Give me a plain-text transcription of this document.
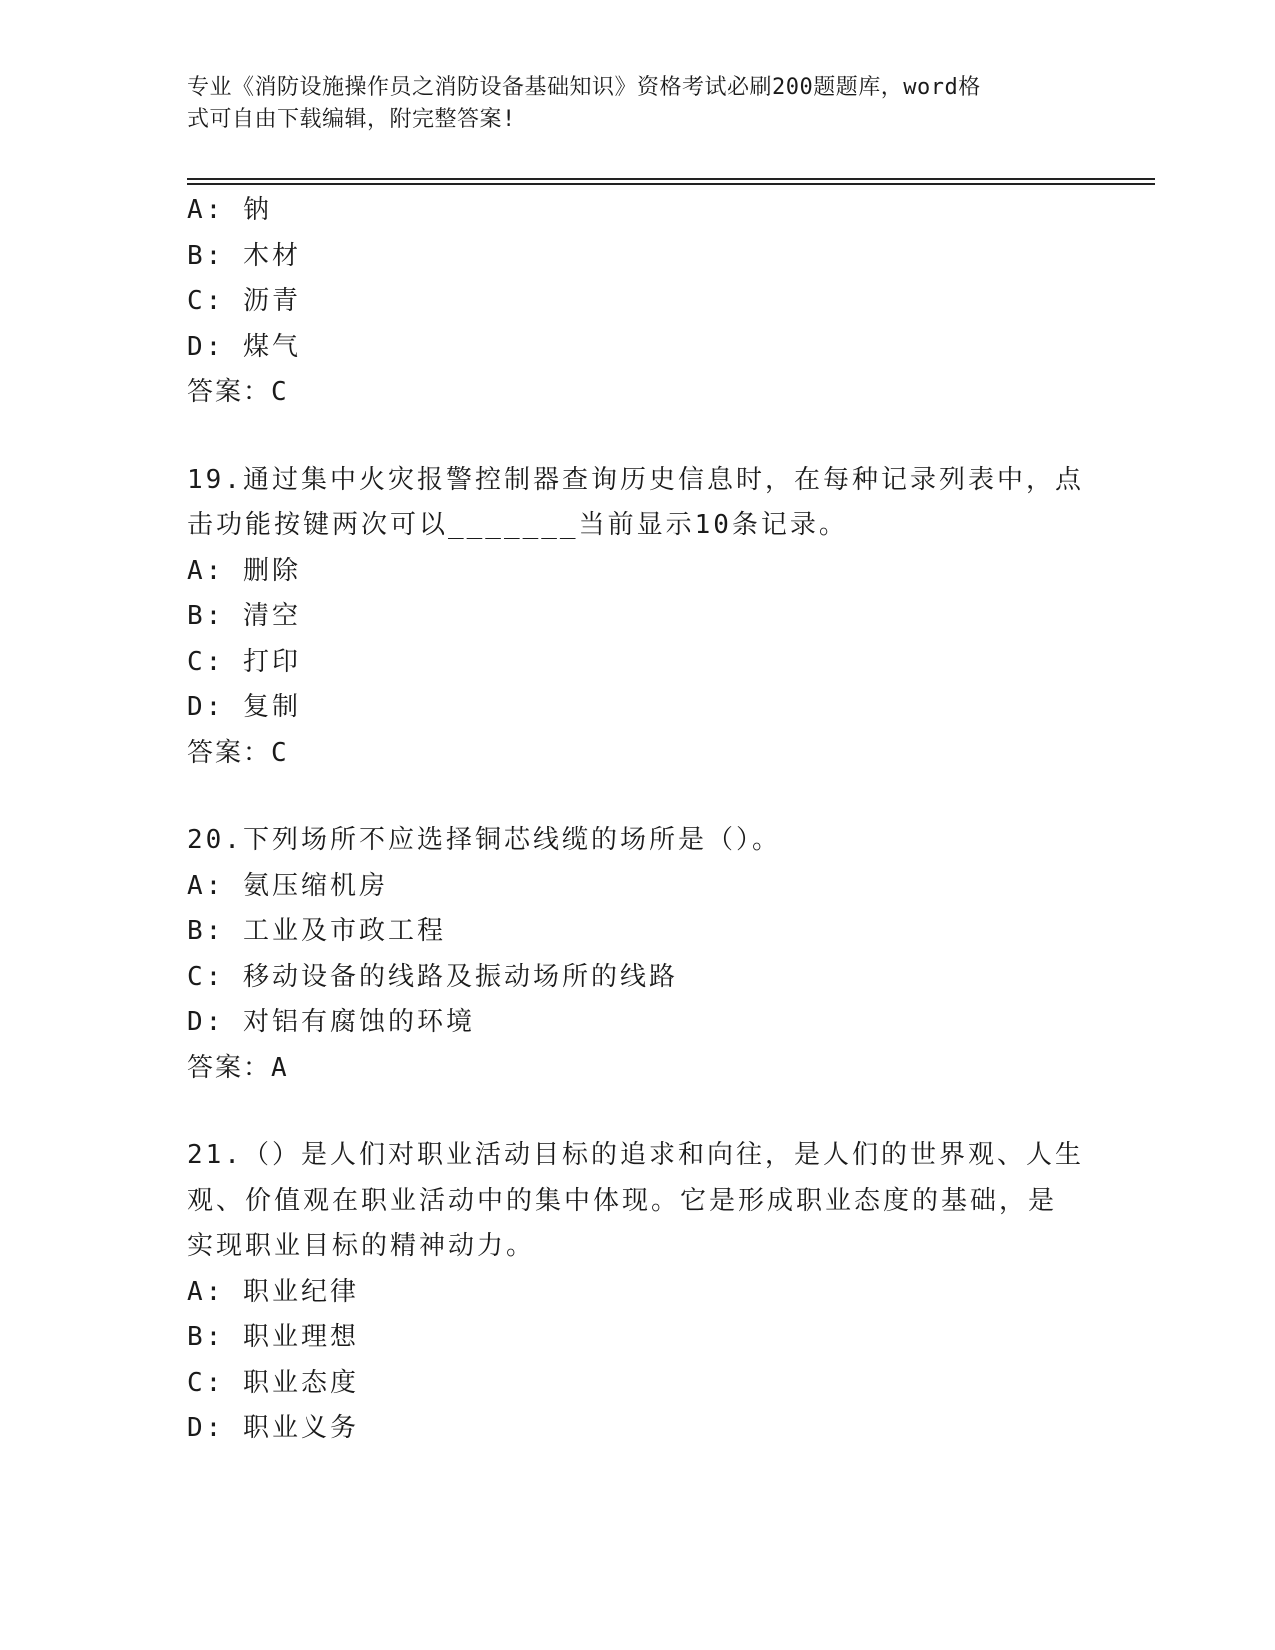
专业《消防设施操作员之消防设备基础知识》资格考试必刷200题题库，word格
式可自由下载编辑，附完整答案!
A: 钠
B: 木材
C: 沥青
D: 煤气
答案：C
19.通过集中火灾报警控制器查询历史信息时，在每种记录列表中，点
击功能按键两次可以_______当前显示10条记录。
A: 删除
B: 清空
C: 打印
D: 复制
答案：C
20.下列场所不应选择铜芯线缆的场所是（）。
A: 氨压缩机房
B: 工业及市政工程
C: 移动设备的线路及振动场所的线路
D: 对铝有腐蚀的环境
答案：A
21.（）是人们对职业活动目标的追求和向往，是人们的世界观、人生
观、价值观在职业活动中的集中体现。它是形成职业态度的基础，是
实现职业目标的精神动力。
A: 职业纪律
B: 职业理想
C: 职业态度
D: 职业义务
